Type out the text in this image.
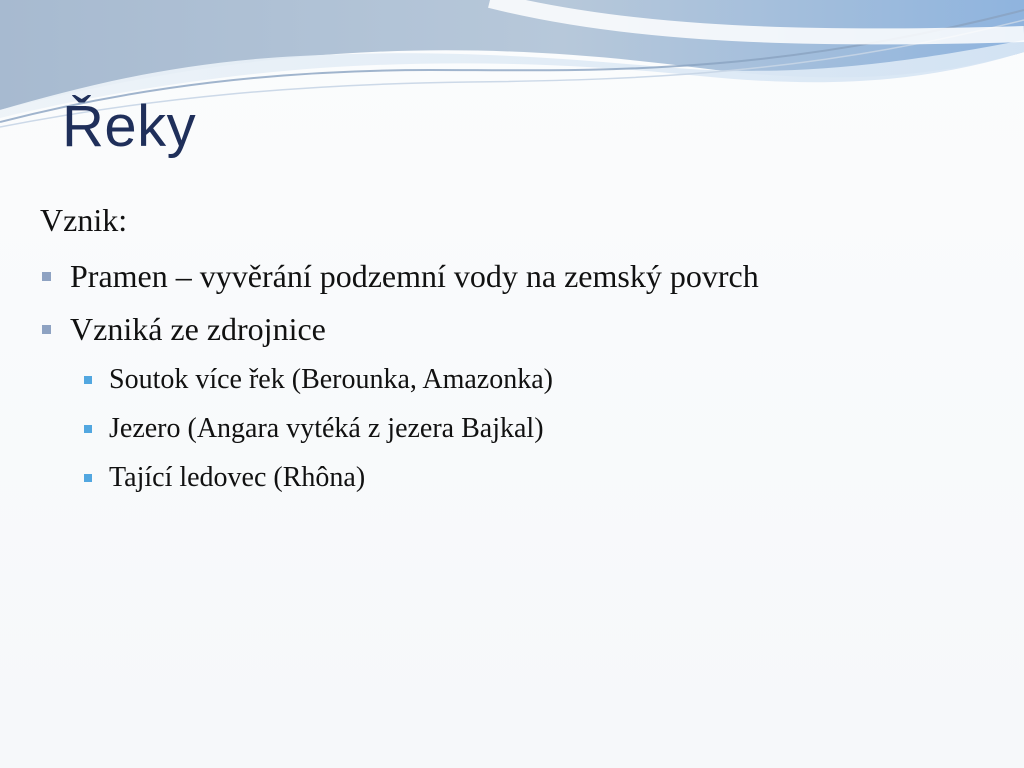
Řeky

Vznik:

Pramen – vyvěrání podzemní vody na zemský povrch
Vzniká ze zdrojnice
Soutok více řek (Berounka, Amazonka)
Jezero (Angara vytéká z jezera Bajkal)
Tající ledovec (Rhôna)
